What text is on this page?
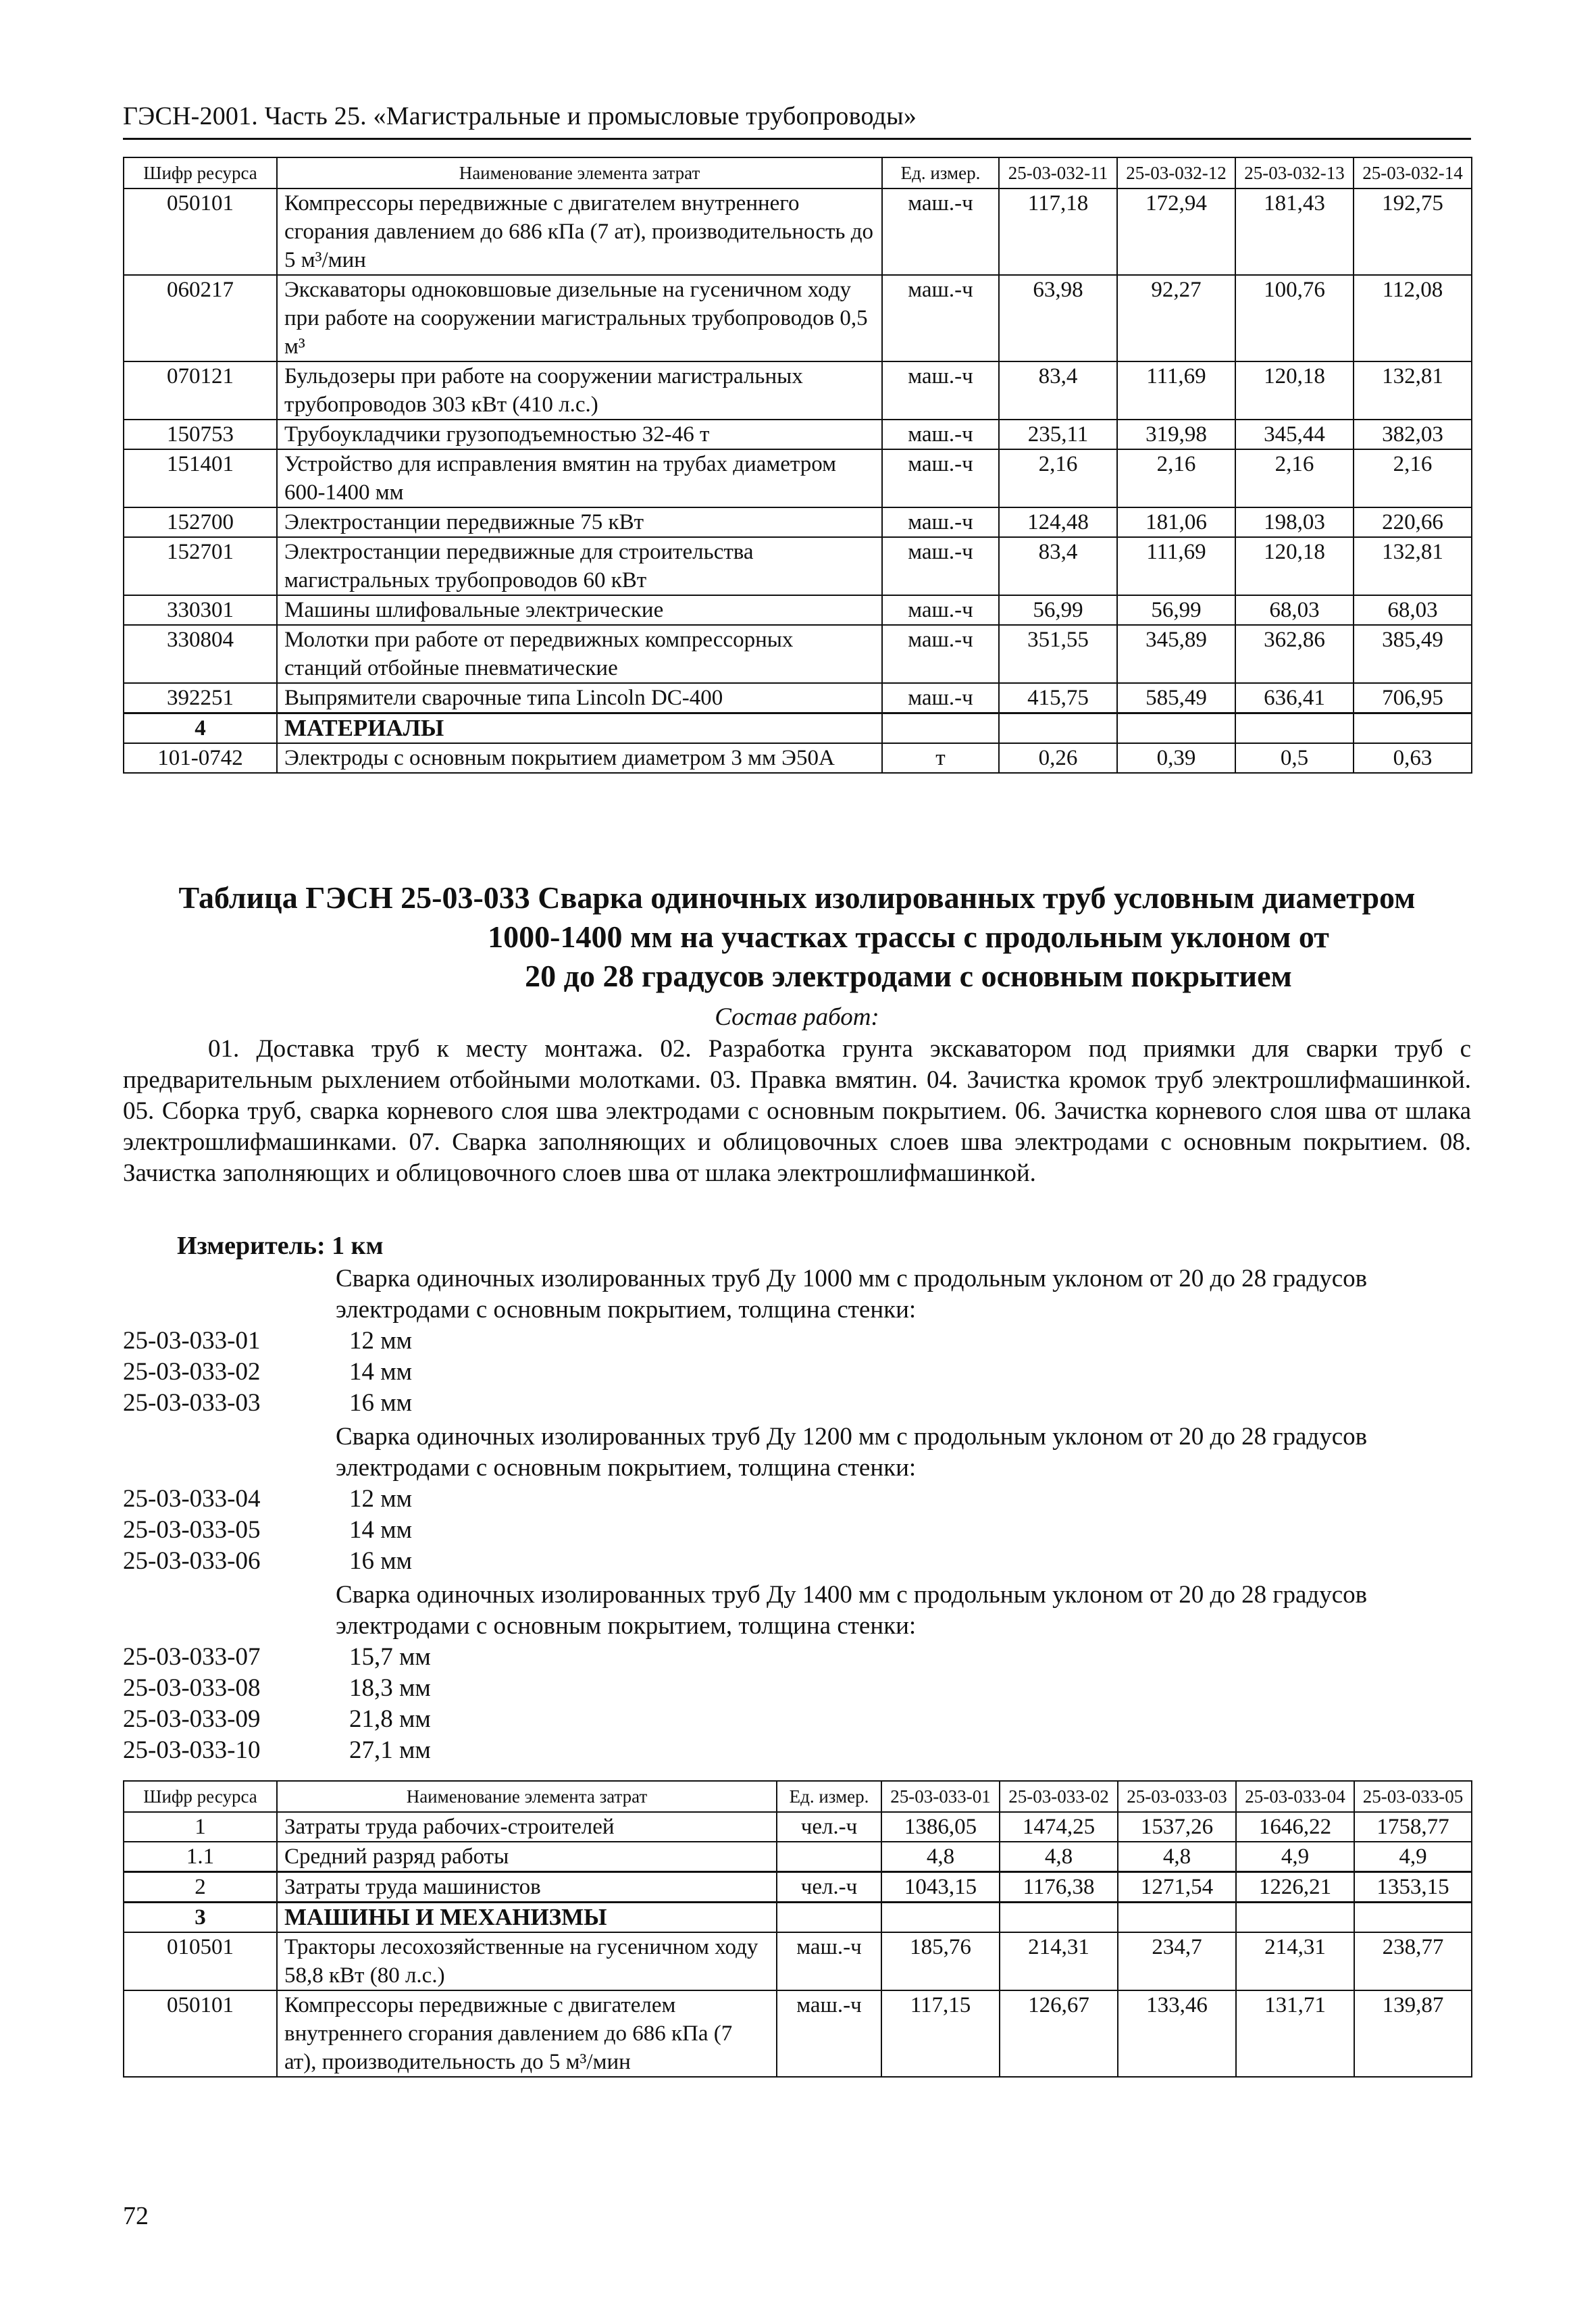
ГЭСН-2001. Часть 25. «Магистральные и промысловые трубопроводы»
Шифр ресурса	Наименование элемента затрат	Ед. измер.	25-03-032-11	25-03-032-12	25-03-032-13	25-03-032-14
050101	Компрессоры передвижные с двигателем внутреннего сгорания давлением до 686 кПа (7 ат), производительность до 5 м³/мин	маш.-ч	117,18	172,94	181,43	192,75
060217	Экскаваторы одноковшовые дизельные на гусеничном ходу при работе на сооружении магистральных трубопроводов 0,5 м³	маш.-ч	63,98	92,27	100,76	112,08
070121	Бульдозеры при работе на сооружении магистральных трубопроводов 303 кВт (410 л.с.)	маш.-ч	83,4	111,69	120,18	132,81
150753	Трубоукладчики грузоподъемностью 32-46 т	маш.-ч	235,11	319,98	345,44	382,03
151401	Устройство для исправления вмятин на трубах диаметром 600-1400 мм	маш.-ч	2,16	2,16	2,16	2,16
152700	Электростанции передвижные 75 кВт	маш.-ч	124,48	181,06	198,03	220,66
152701	Электростанции передвижные для строительства магистральных трубопроводов 60 кВт	маш.-ч	83,4	111,69	120,18	132,81
330301	Машины шлифовальные электрические	маш.-ч	56,99	56,99	68,03	68,03
330804	Молотки при работе от передвижных компрессорных станций отбойные пневматические	маш.-ч	351,55	345,89	362,86	385,49
392251	Выпрямители сварочные типа Lincoln DC-400	маш.-ч	415,75	585,49	636,41	706,95
4	МАТЕРИАЛЫ					
101-0742	Электроды с основным покрытием диаметром 3 мм Э50А	т	0,26	0,39	0,5	0,63
Таблица ГЭСН 25-03-033 Сварка одиночных изолированных труб условным диаметром
1000-1400 мм на участках трассы с продольным уклоном от
20 до 28 градусов электродами с основным покрытием
Состав работ:
01. Доставка труб к месту монтажа. 02. Разработка грунта экскаватором под приямки для сварки труб с предварительным рыхлением отбойными молотками. 03. Правка вмятин. 04. Зачистка кромок труб электрошлифмашинкой. 05. Сборка труб, сварка корневого слоя шва электродами с основным покрытием. 06. Зачистка корневого слоя шва от шлака электрошлифмашинками. 07. Сварка заполняющих и облицовочных слоев шва электродами с основным покрытием. 08. Зачистка заполняющих и облицовочного слоев шва от шлака электрошлифмашинкой.
Измеритель: 1 км
Сварка одиночных изолированных труб Ду 1000 мм с продольным уклоном от 20 до 28 градусов электродами с основным покрытием, толщина стенки:
25-03-033-01	12 мм
25-03-033-02	14 мм
25-03-033-03	16 мм
Сварка одиночных изолированных труб Ду 1200 мм с продольным уклоном от 20 до 28 градусов электродами с основным покрытием, толщина стенки:
25-03-033-04	12 мм
25-03-033-05	14 мм
25-03-033-06	16 мм
Сварка одиночных изолированных труб Ду 1400 мм с продольным уклоном от 20 до 28 градусов электродами с основным покрытием, толщина стенки:
25-03-033-07	15,7 мм
25-03-033-08	18,3 мм
25-03-033-09	21,8 мм
25-03-033-10	27,1 мм
Шифр ресурса	Наименование элемента затрат	Ед. измер.	25-03-033-01	25-03-033-02	25-03-033-03	25-03-033-04	25-03-033-05
1	Затраты труда рабочих-строителей	чел.-ч	1386,05	1474,25	1537,26	1646,22	1758,77
1.1	Средний разряд работы		4,8	4,8	4,8	4,9	4,9
2	Затраты труда машинистов	чел.-ч	1043,15	1176,38	1271,54	1226,21	1353,15
3	МАШИНЫ И МЕХАНИЗМЫ						
010501	Тракторы лесохозяйственные на гусеничном ходу 58,8 кВт (80 л.с.)	маш.-ч	185,76	214,31	234,7	214,31	238,77
050101	Компрессоры передвижные с двигателем внутреннего сгорания давлением до 686 кПа (7 ат), производительность до 5 м³/мин	маш.-ч	117,15	126,67	133,46	131,71	139,87
72
